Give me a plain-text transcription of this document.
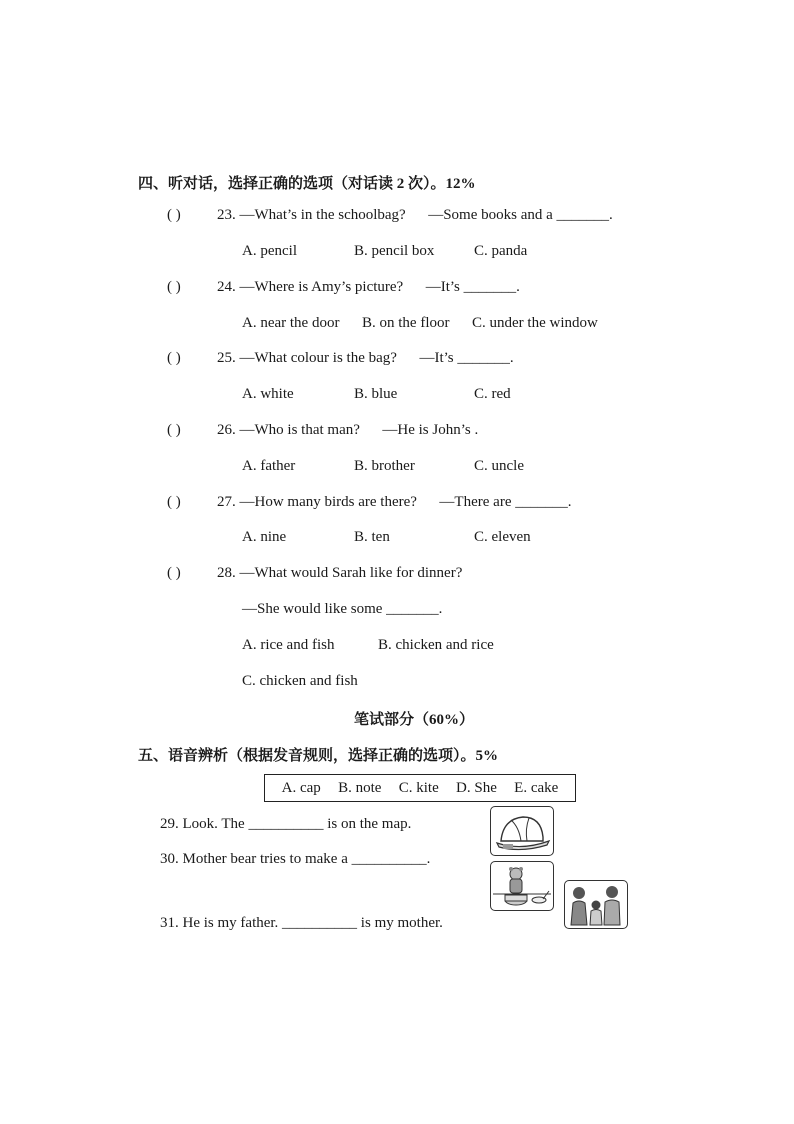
四、听对话，选择正确的选项（对话读 2 次）。12%
( ) 23. —What’s in the schoolbag?      —Some books and a _______.
A. pencil	B. pencil box	C. panda
( ) 24. —Where is Amy’s picture?      —It’s _______.
A. near the door B. on the floor C. under the window
( ) 25. —What colour is the bag?      —It’s _______.
A. white	B. blue	C. red
( ) 26. —Who is that man?      —He is John’s .
A. father	B. brother	C. uncle
( ) 27. —How many birds are there?      —There are _______.
A. nine	B. ten	C. eleven
( ) 28. —What would Sarah like for dinner?
—She would like some _______.
A. rice and fish	B. chicken and rice
C. chicken and fish
笔试部分（60%）
五、语音辨析（根据发音规则，选择正确的选项）。5%
A. cap B. note C. kite D. She E. cake
29. Look. The __________ is on the map.
30. Mother bear tries to make a __________.
31. He is my father. __________ is my mother.
